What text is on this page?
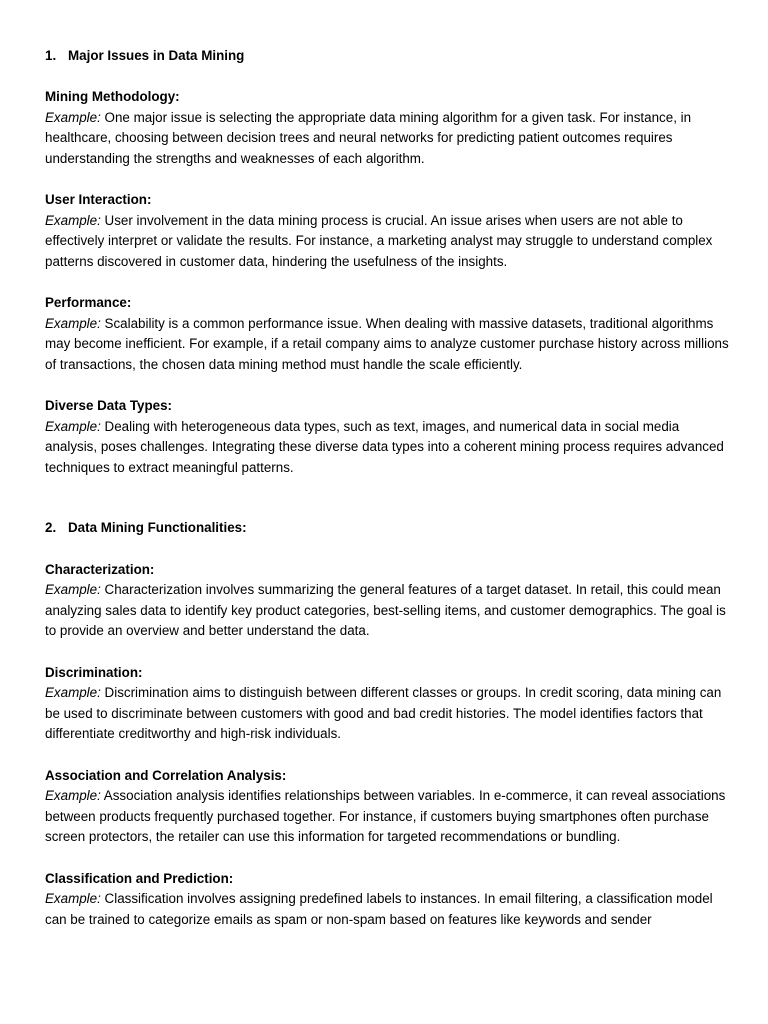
1. Major Issues in Data Mining

Mining Methodology:

Example: One major issue is selecting the appropriate data mining algorithm for a given task. For instance, in healthcare, choosing between decision trees and neural networks for predicting patient outcomes requires understanding the strengths and weaknesses of each algorithm.

User Interaction:

Example: User involvement in the data mining process is crucial. An issue arises when users are not able to effectively interpret or validate the results. For instance, a marketing analyst may struggle to understand complex patterns discovered in customer data, hindering the usefulness of the insights.

Performance:

Example: Scalability is a common performance issue. When dealing with massive datasets, traditional algorithms may become inefficient. For example, if a retail company aims to analyze customer purchase history across millions of transactions, the chosen data mining method must handle the scale efficiently.

Diverse Data Types:

Example: Dealing with heterogeneous data types, such as text, images, and numerical data in social media analysis, poses challenges. Integrating these diverse data types into a coherent mining process requires advanced techniques to extract meaningful patterns.

2. Data Mining Functionalities:

Characterization:

Example: Characterization involves summarizing the general features of a target dataset. In retail, this could mean analyzing sales data to identify key product categories, best-selling items, and customer demographics. The goal is to provide an overview and better understand the data.

Discrimination:

Example: Discrimination aims to distinguish between different classes or groups. In credit scoring, data mining can be used to discriminate between customers with good and bad credit histories. The model identifies factors that differentiate creditworthy and high-risk individuals.

Association and Correlation Analysis:

Example: Association analysis identifies relationships between variables. In e-commerce, it can reveal associations between products frequently purchased together. For instance, if customers buying smartphones often purchase screen protectors, the retailer can use this information for targeted recommendations or bundling.

Classification and Prediction:

Example: Classification involves assigning predefined labels to instances. In email filtering, a classification model can be trained to categorize emails as spam or non-spam based on features like keywords and sender
